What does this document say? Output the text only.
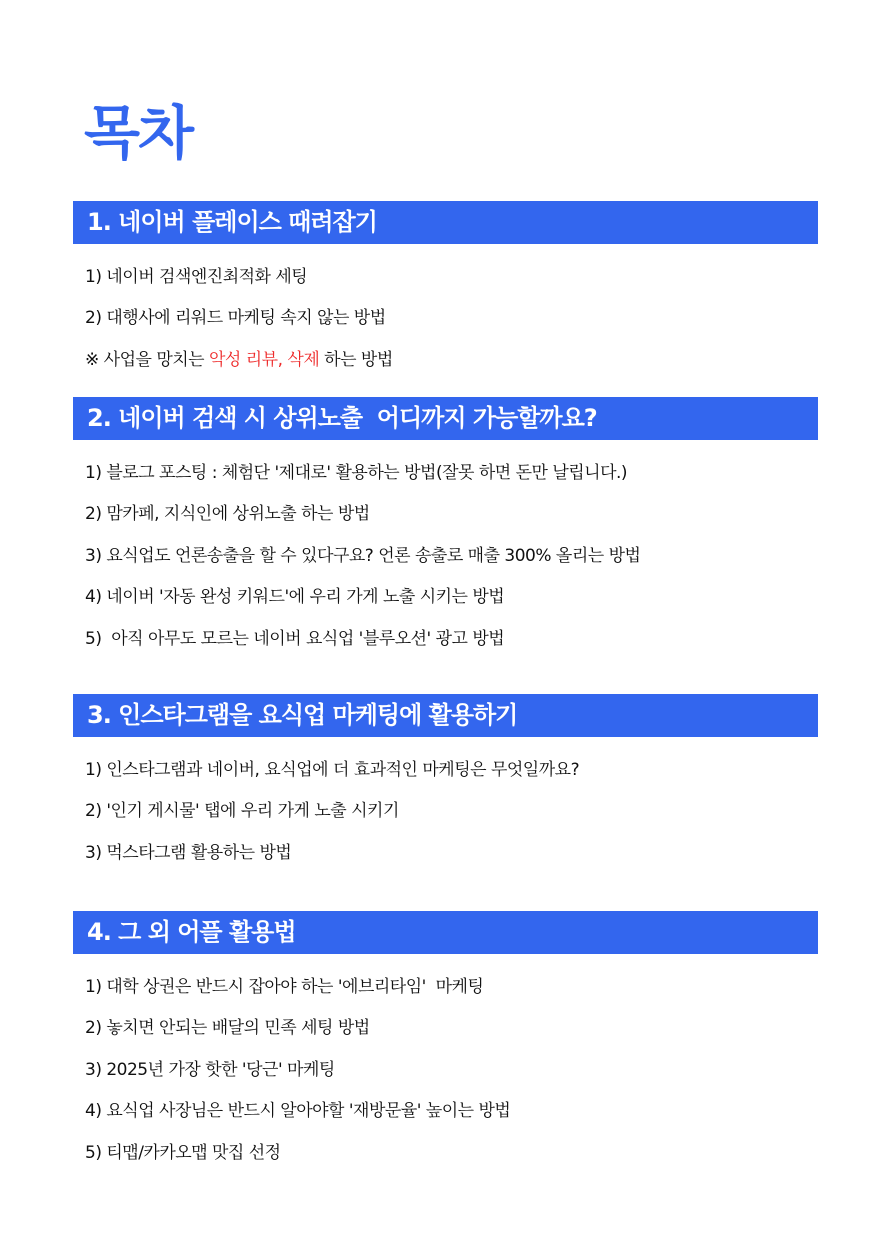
목차
1. 네이버 플레이스 때려잡기
1) 네이버 검색엔진최적화 세팅
2) 대행사에 리워드 마케팅 속지 않는 방법
※ 사업을 망치는 악성 리뷰, 삭제 하는 방법
2. 네이버 검색 시 상위노출  어디까지 가능할까요?
1) 블로그 포스팅 : 체험단 '제대로' 활용하는 방법(잘못 하면 돈만 날립니다.)
2) 맘카페, 지식인에 상위노출 하는 방법
3) 요식업도 언론송출을 할 수 있다구요? 언론 송출로 매출 300% 올리는 방법
4) 네이버 '자동 완성 키워드'에 우리 가게 노출 시키는 방법
5)  아직 아무도 모르는 네이버 요식업 '블루오션' 광고 방법
3. 인스타그램을 요식업 마케팅에 활용하기
1) 인스타그램과 네이버, 요식업에 더 효과적인 마케팅은 무엇일까요?
2) '인기 게시물' 탭에 우리 가게 노출 시키기
3) 먹스타그램 활용하는 방법
4. 그 외 어플 활용법
1) 대학 상권은 반드시 잡아야 하는 '에브리타임'  마케팅
2) 놓치면 안되는 배달의 민족 세팅 방법
3) 2025년 가장 핫한 '당근' 마케팅
4) 요식업 사장님은 반드시 알아야할 '재방문율' 높이는 방법
5) 티맵/카카오맵 맛집 선정
